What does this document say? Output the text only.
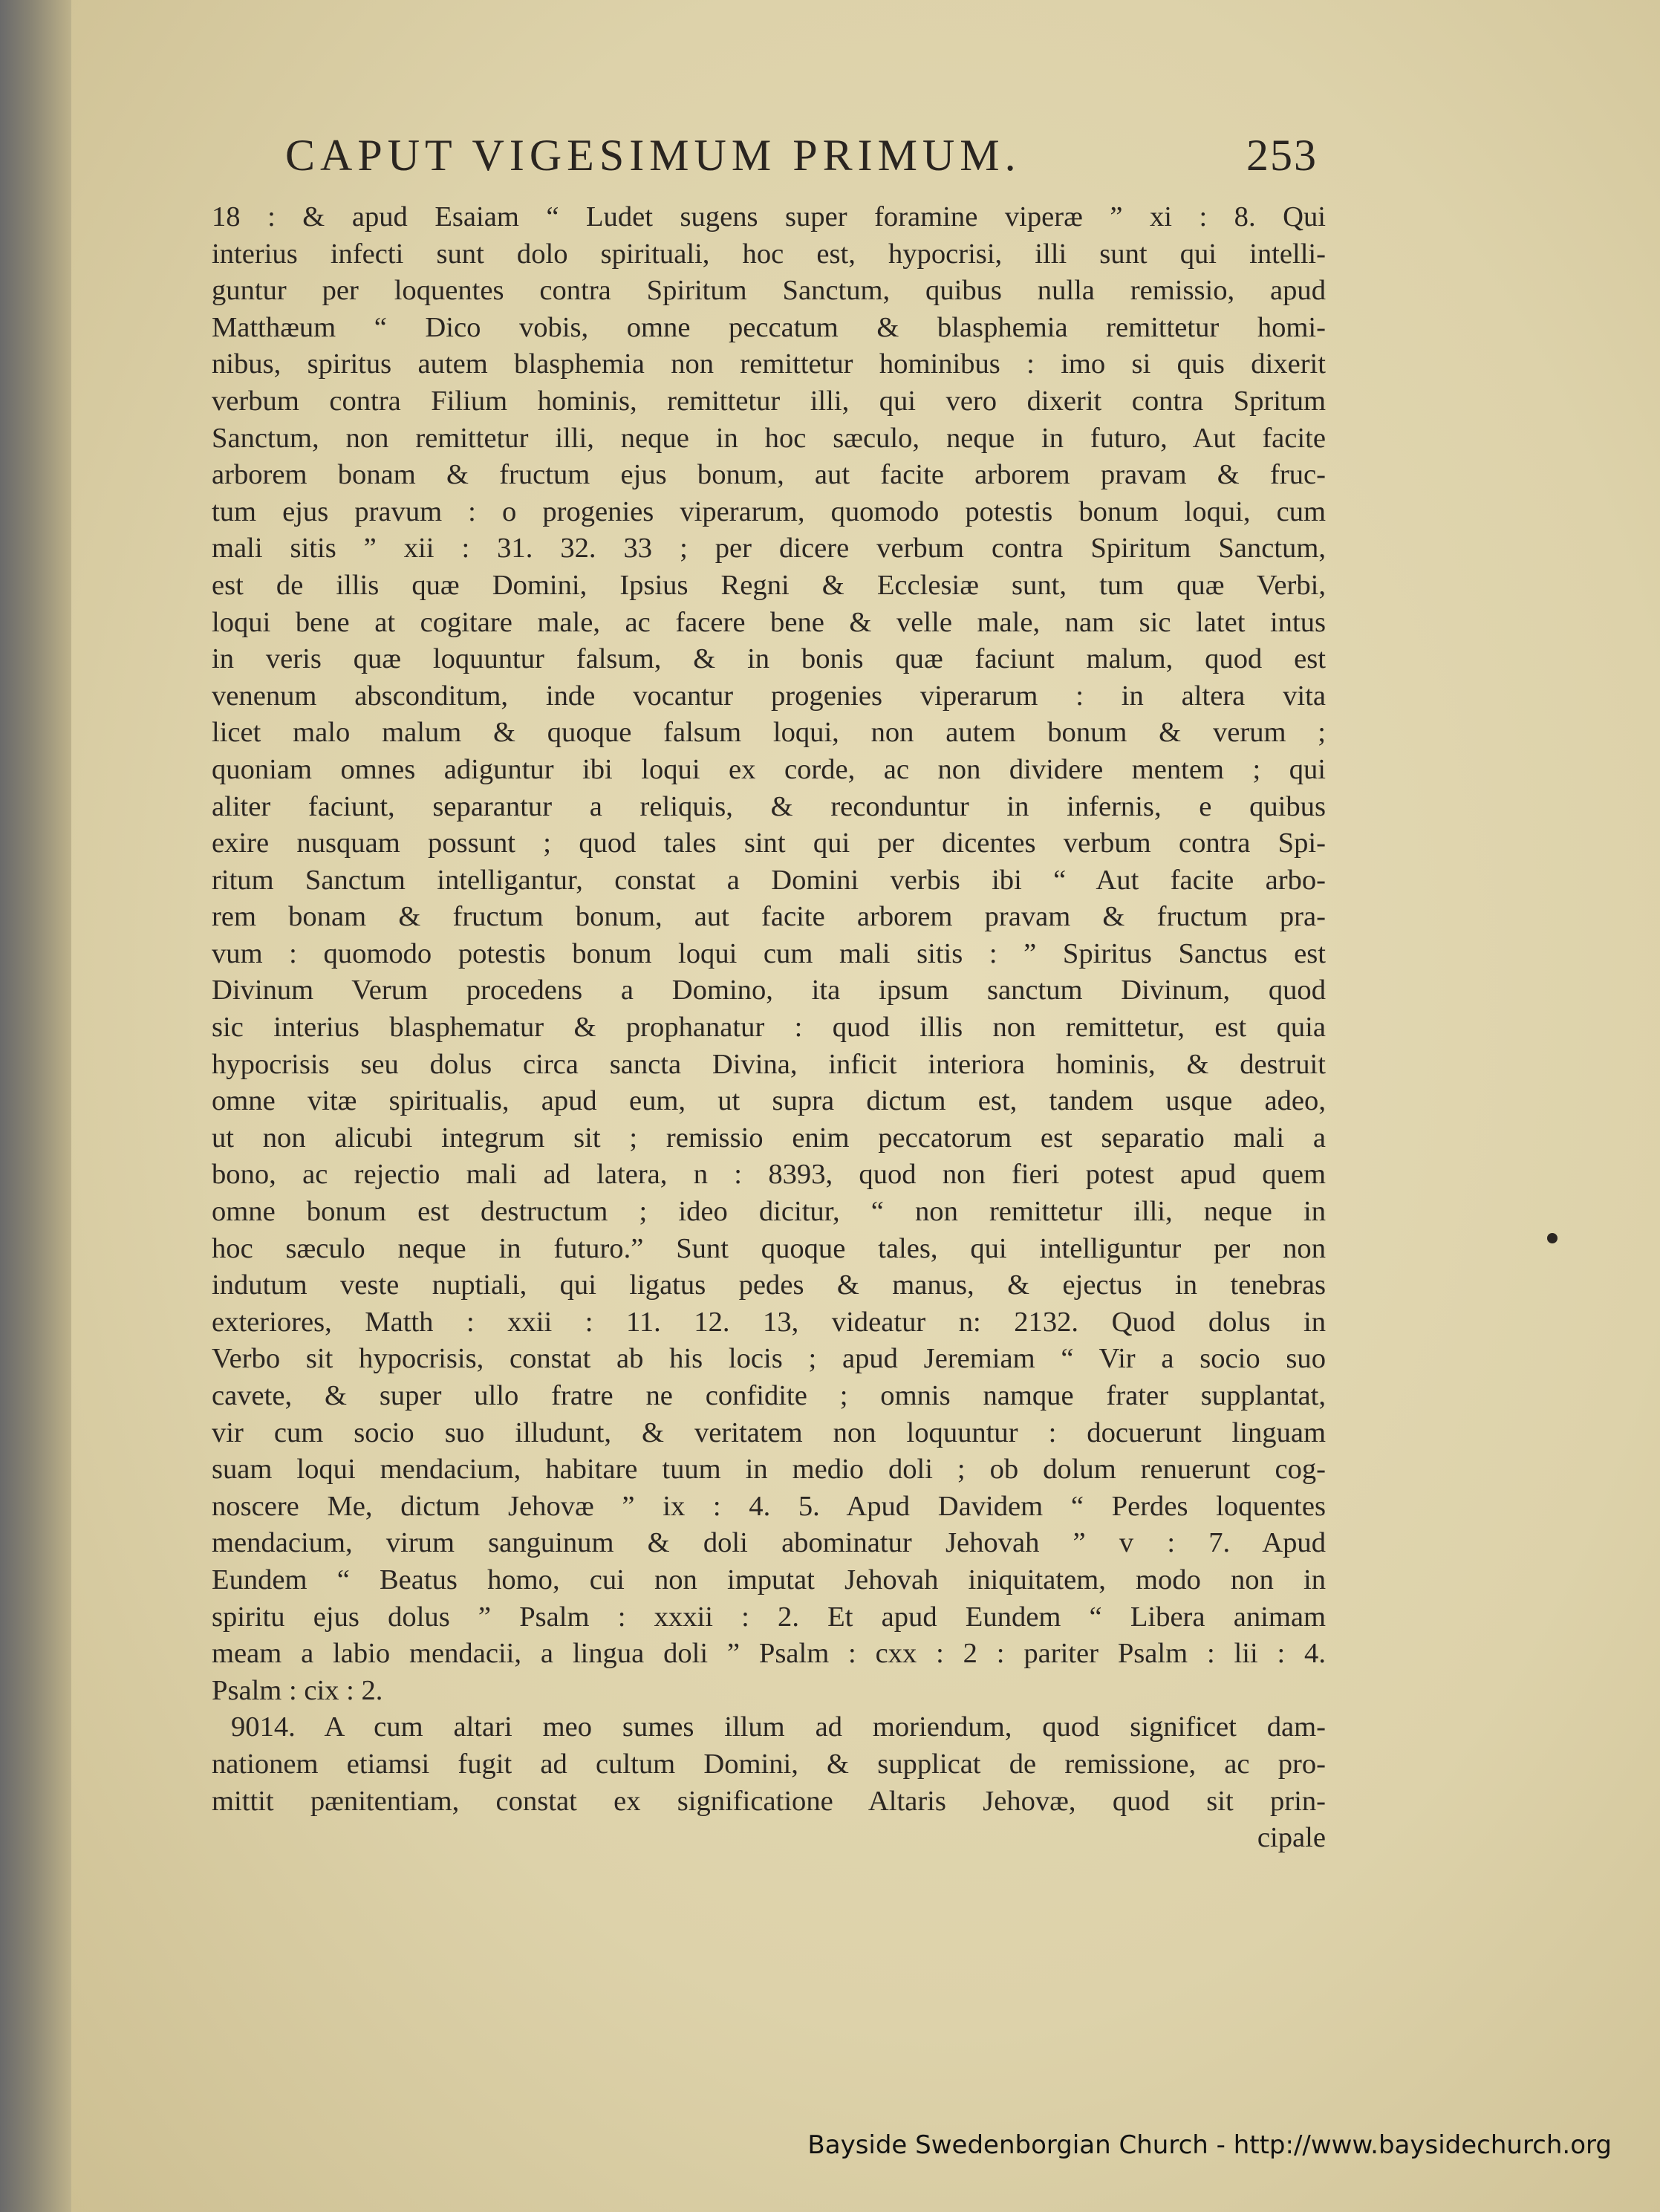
CAPUT VIGESIMUM PRIMUM.	253
18 : & apud Esaiam “ Ludet sugens super foramine viperæ ” xi : 8. Qui
interius infecti sunt dolo spirituali, hoc est, hypocrisi, illi sunt qui intelli-
guntur per loquentes contra Spiritum Sanctum, quibus nulla remissio, apud
Matthæum “ Dico vobis, omne peccatum & blasphemia remittetur homi-
nibus, spiritus autem blasphemia non remittetur hominibus : imo si quis dixerit
verbum contra Filium hominis, remittetur illi, qui vero dixerit contra Spritum
Sanctum, non remittetur illi, neque in hoc sæculo, neque in futuro, Aut facite
arborem bonam & fructum ejus bonum, aut facite arborem pravam & fruc-
tum ejus pravum : o progenies viperarum, quomodo potestis bonum loqui, cum
mali sitis ” xii : 31. 32. 33 ; per dicere verbum contra Spiritum Sanctum,
est de illis quæ Domini, Ipsius Regni & Ecclesiæ sunt, tum quæ Verbi,
loqui bene at cogitare male, ac facere bene & velle male, nam sic latet intus
in veris quæ loquuntur falsum, & in bonis quæ faciunt malum, quod est
venenum absconditum, inde vocantur progenies viperarum : in altera vita
licet malo malum & quoque falsum loqui, non autem bonum & verum ;
quoniam omnes adiguntur ibi loqui ex corde, ac non dividere mentem ; qui
aliter faciunt, separantur a reliquis, & reconduntur in infernis, e quibus
exire nusquam possunt ; quod tales sint qui per dicentes verbum contra Spi-
ritum Sanctum intelligantur, constat a Domini verbis ibi “ Aut facite arbo-
rem bonam & fructum bonum, aut facite arborem pravam & fructum pra-
vum : quomodo potestis bonum loqui cum mali sitis : ” Spiritus Sanctus est
Divinum Verum procedens a Domino, ita ipsum sanctum Divinum, quod
sic interius blasphematur & prophanatur : quod illis non remittetur, est quia
hypocrisis seu dolus circa sancta Divina, inficit interiora hominis, & destruit
omne vitæ spiritualis, apud eum, ut supra dictum est, tandem usque adeo,
ut non alicubi integrum sit ; remissio enim peccatorum est separatio mali a
bono, ac rejectio mali ad latera, n : 8393, quod non fieri potest apud quem
omne bonum est destructum ; ideo dicitur, “ non remittetur illi, neque in
hoc sæculo neque in futuro.” Sunt quoque tales, qui intelliguntur per non
indutum veste nuptiali, qui ligatus pedes & manus, & ejectus in tenebras
exteriores, Matth : xxii : 11. 12. 13, videatur n: 2132. Quod dolus in
Verbo sit hypocrisis, constat ab his locis ; apud Jeremiam “ Vir a socio suo
cavete, & super ullo fratre ne confidite ; omnis namque frater supplantat,
vir cum socio suo illudunt, & veritatem non loquuntur : docuerunt linguam
suam loqui mendacium, habitare tuum in medio doli ; ob dolum renuerunt cog-
noscere Me, dictum Jehovæ ” ix : 4. 5. Apud Davidem “ Perdes loquentes
mendacium, virum sanguinum & doli abominatur Jehovah ” v : 7. Apud
Eundem “ Beatus homo, cui non imputat Jehovah iniquitatem, modo non in
spiritu ejus dolus ” Psalm : xxxii : 2. Et apud Eundem “ Libera animam
meam a labio mendacii, a lingua doli ” Psalm : cxx : 2 : pariter Psalm : lii : 4.
Psalm : cix : 2.
9014. A cum altari meo sumes illum ad moriendum, quod significet dam-
nationem etiamsi fugit ad cultum Domini, & supplicat de remissione, ac pro-
mittit pænitentiam, constat ex significatione Altaris Jehovæ, quod sit prin-
cipale
Bayside Swedenborgian Church - http://www.baysidechurch.org
